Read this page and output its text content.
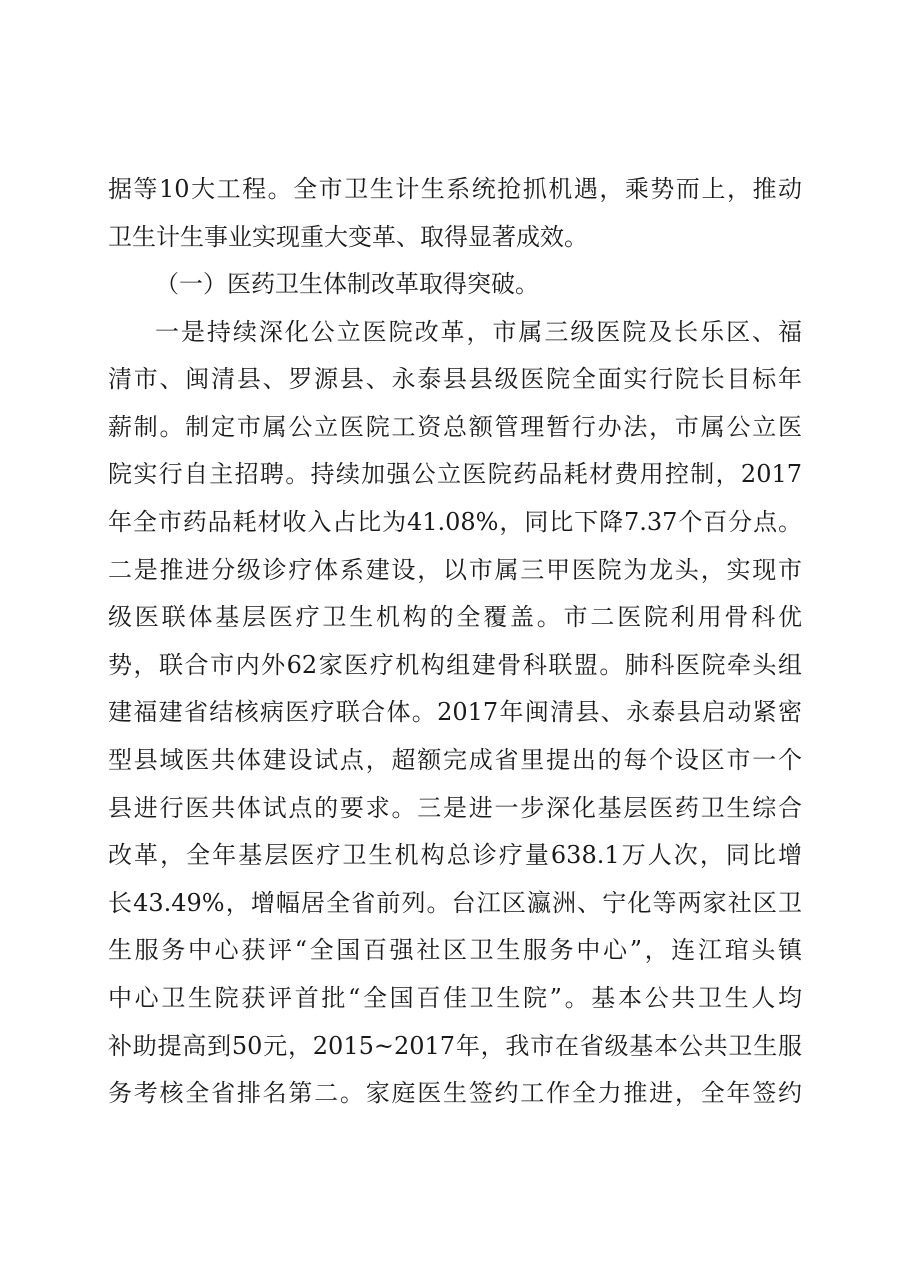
据等10大工程。全市卫生计生系统抢抓机遇，乘势而上，推动
卫生计生事业实现重大变革、取得显著成效。
（一）医药卫生体制改革取得突破。
一是持续深化公立医院改革，市属三级医院及长乐区、福
清市、闽清县、罗源县、永泰县县级医院全面实行院长目标年
薪制。制定市属公立医院工资总额管理暂行办法，市属公立医
院实行自主招聘。持续加强公立医院药品耗材费用控制，2017
年全市药品耗材收入占比为41.08%，同比下降7.37个百分点。
二是推进分级诊疗体系建设，以市属三甲医院为龙头，实现市
级医联体基层医疗卫生机构的全覆盖。市二医院利用骨科优
势，联合市内外62家医疗机构组建骨科联盟。肺科医院牵头组
建福建省结核病医疗联合体。2017年闽清县、永泰县启动紧密
型县域医共体建设试点，超额完成省里提出的每个设区市一个
县进行医共体试点的要求。三是进一步深化基层医药卫生综合
改革，全年基层医疗卫生机构总诊疗量638.1万人次，同比增
长43.49%，增幅居全省前列。台江区瀛洲、宁化等两家社区卫
生服务中心获评“全国百强社区卫生服务中心”，连江琯头镇
中心卫生院获评首批“全国百佳卫生院”。基本公共卫生人均
补助提高到50元，2015~2017年，我市在省级基本公共卫生服
务考核全省排名第二。家庭医生签约工作全力推进，全年签约
